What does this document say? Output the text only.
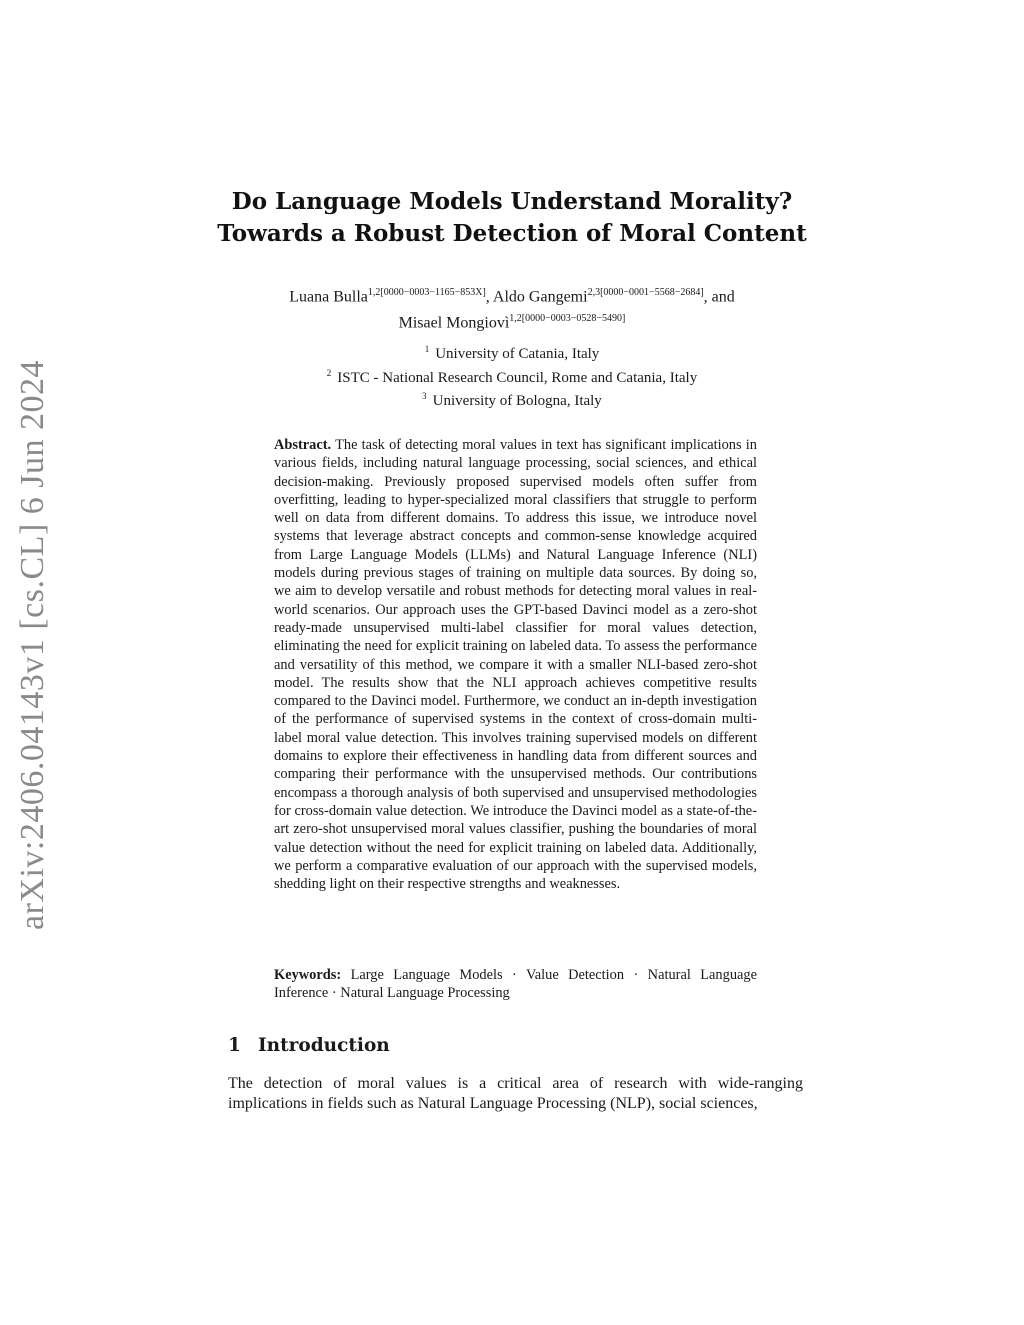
arXiv:2406.04143v1 [cs.CL] 6 Jun 2024
Do Language Models Understand Morality?
Towards a Robust Detection of Moral Content
Luana Bulla$^{1,2[0000-0003-1165-853X]}$, Aldo Gangemi$^{2,3[0000-0001-5568-2684]}$, and
Misael Mongiovì$^{1,2[0000-0003-0528-5490]}$
$^1$ University of Catania, Italy
$^2$ ISTC - National Research Council, Rome and Catania, Italy
$^3$ University of Bologna, Italy
Abstract. The task of detecting moral values in text has significant implications in various fields, including natural language processing, social sciences, and ethical decision-making. Previously proposed supervised models often suffer from overfitting, leading to hyper-specialized moral classifiers that struggle to perform well on data from different domains. To address this issue, we introduce novel systems that leverage abstract concepts and common-sense knowledge acquired from Large Language Models (LLMs) and Natural Language Inference (NLI) models during previous stages of training on multiple data sources. By doing so, we aim to develop versatile and robust methods for detecting moral values in real-world scenarios. Our approach uses the GPT-based Davinci model as a zero-shot ready-made unsupervised multi-label classifier for moral values detection, eliminating the need for explicit training on labeled data. To assess the performance and versatility of this method, we compare it with a smaller NLI-based zero-shot model. The results show that the NLI approach achieves competitive results compared to the Davinci model. Furthermore, we conduct an in-depth investigation of the performance of supervised systems in the context of cross-domain multi-label moral value detection. This involves training supervised models on different domains to explore their effectiveness in handling data from different sources and comparing their performance with the unsupervised methods. Our contributions encompass a thorough analysis of both supervised and unsupervised methodologies for cross-domain value detection. We introduce the Davinci model as a state-of-the-art zero-shot unsupervised moral values classifier, pushing the boundaries of moral value detection without the need for explicit training on labeled data. Additionally, we perform a comparative evaluation of our approach with the supervised models, shedding light on their respective strengths and weaknesses.
Keywords: Large Language Models · Value Detection · Natural Language Inference · Natural Language Processing
1 Introduction
The detection of moral values is a critical area of research with wide-ranging implications in fields such as Natural Language Processing (NLP), social sciences,
